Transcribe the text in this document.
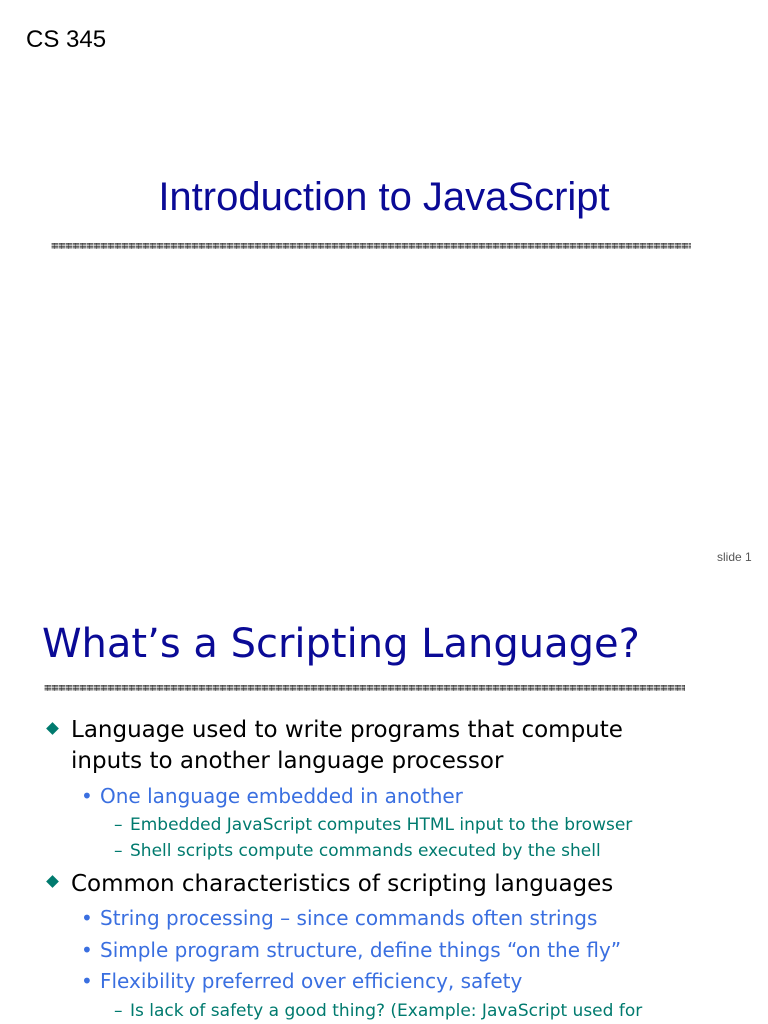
CS 345
Introduction to JavaScript
slide 1
What’s a Scripting Language?
Language used to write programs that compute
inputs to another language processor
• One language embedded in another
– Embedded JavaScript computes HTML input to the browser
– Shell scripts compute commands executed by the shell
Common characteristics of scripting languages
• String processing – since commands often strings
• Simple program structure, define things “on the fly”
• Flexibility preferred over efficiency, safety
– Is lack of safety a good thing? (Example: JavaScript used for
